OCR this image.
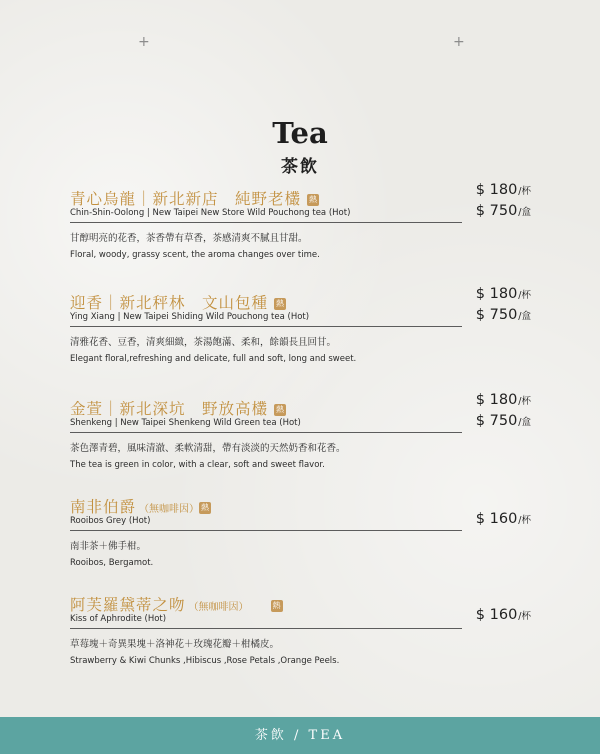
+	+
Tea
茶飲
青心烏龍｜新北新店　純野老欉 熱
Chin-Shin-Oolong | New Taipei New Store Wild Pouchong tea (Hot)
$ 180/杯
$ 750/盒
甘醇明亮的花香，茶香帶有草香，茶感清爽不膩且甘甜。
Floral, woody, grassy scent, the aroma changes over time.
迎香｜新北秤林　文山包種 熱
Ying Xiang | New Taipei Shiding Wild Pouchong tea (Hot)
$ 180/杯
$ 750/盒
清雅花香、豆香，清爽細緻，茶湯飽滿、柔和，餘韻長且回甘。
Elegant floral,refreshing and delicate, full and soft, long and sweet.
金萱｜新北深坑　野放高欉 熱
Shenkeng | New Taipei Shenkeng Wild Green tea (Hot)
$ 180/杯
$ 750/盒
茶色澤青碧，風味清澈、柔軟清甜，帶有淡淡的天然奶香和花香。
The tea is green in color, with a clear, soft and sweet flavor.
南非伯爵 （無咖啡因） 熱
Rooibos Grey (Hot)	$ 160/杯
南非茶＋佛手柑。
Rooibos, Bergamot.
阿芙羅黛蒂之吻 （無咖啡因）	熱
Kiss of Aphrodite (Hot)	$ 160/杯
草莓塊＋奇異果塊＋洛神花＋玫瑰花瓣＋柑橘皮。
Strawberry & Kiwi Chunks ,Hibiscus ,Rose Petals ,Orange Peels.
茶飲 / TEA
